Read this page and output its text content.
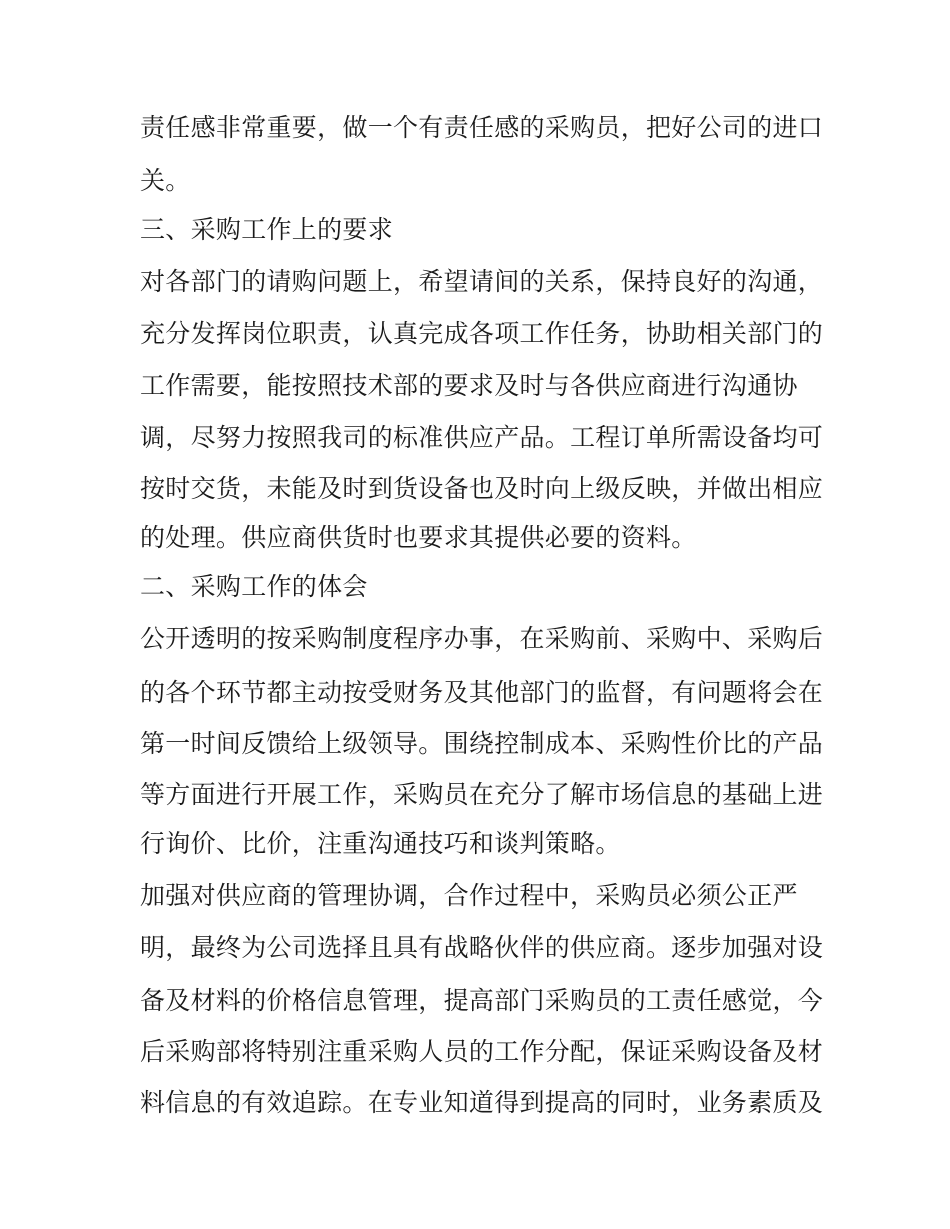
责任感非常重要，做一个有责任感的采购员，把好公司的进口
关。
三、采购工作上的要求
对各部门的请购问题上，希望请间的关系，保持良好的沟通，
充分发挥岗位职责，认真完成各项工作任务，协助相关部门的
工作需要，能按照技术部的要求及时与各供应商进行沟通协
调，尽努力按照我司的标准供应产品。工程订单所需设备均可
按时交货，未能及时到货设备也及时向上级反映，并做出相应
的处理。供应商供货时也要求其提供必要的资料。
二、采购工作的体会
公开透明的按采购制度程序办事，在采购前、采购中、采购后
的各个环节都主动按受财务及其他部门的监督，有问题将会在
第一时间反馈给上级领导。围绕控制成本、采购性价比的产品
等方面进行开展工作，采购员在充分了解市场信息的基础上进
行询价、比价，注重沟通技巧和谈判策略。
加强对供应商的管理协调，合作过程中，采购员必须公正严
明，最终为公司选择且具有战略伙伴的供应商。逐步加强对设
备及材料的价格信息管理，提高部门采购员的工责任感觉，今
后采购部将特别注重采购人员的工作分配，保证采购设备及材
料信息的有效追踪。在专业知道得到提高的同时，业务素质及
